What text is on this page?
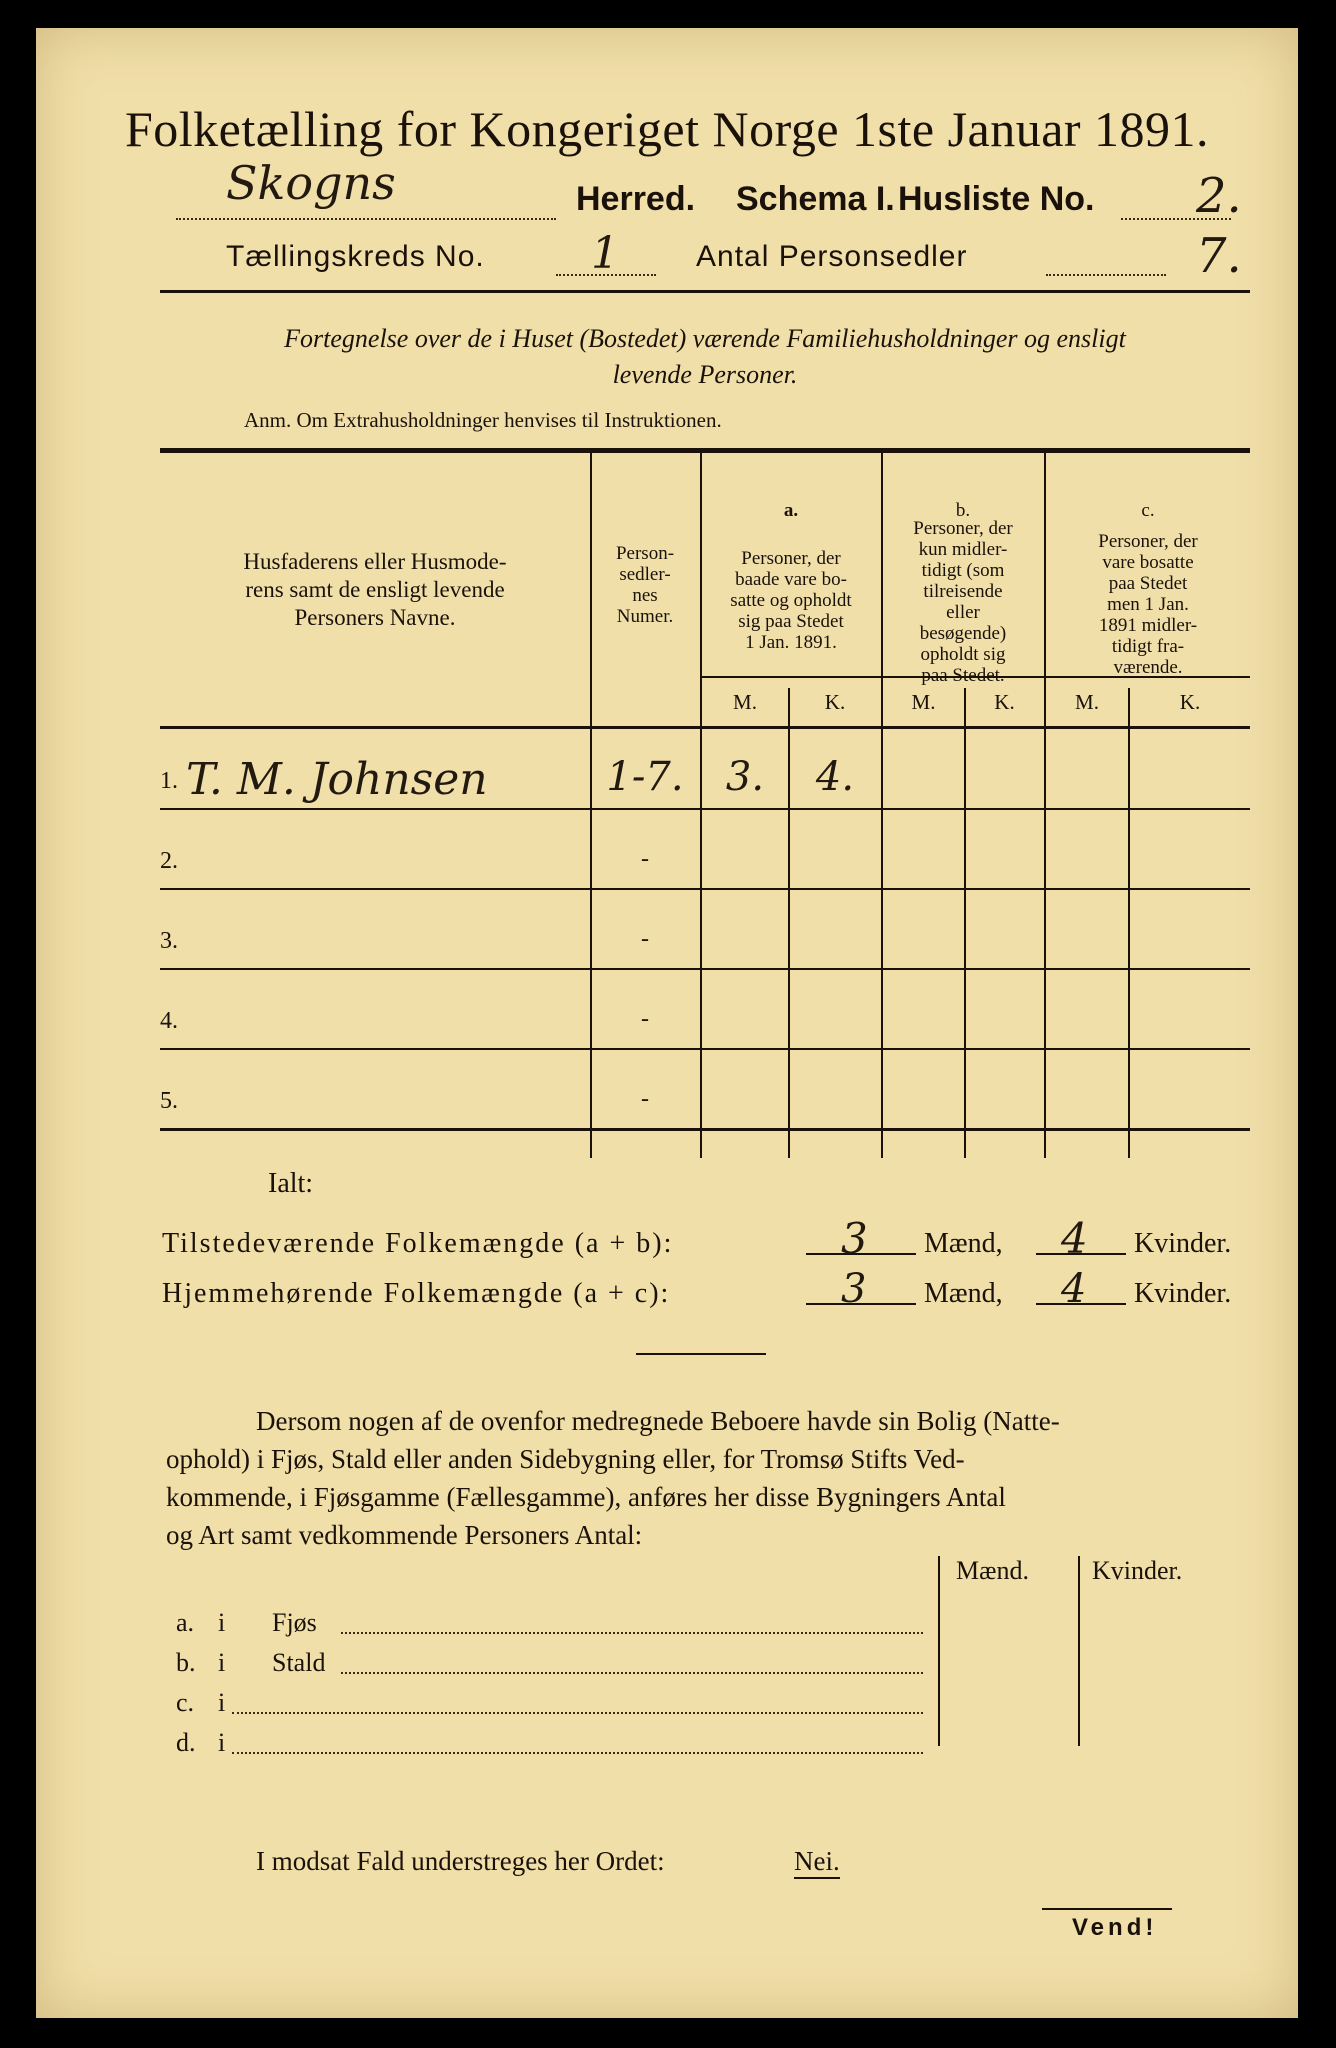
Folketælling for Kongeriget Norge 1ste Januar 1891.
Skogns	Herred. Schema I. Husliste No. 2.
Tællingskreds No. 1	Antal Personsedler	7.
Fortegnelse over de i Huset (Bostedet) værende Familiehusholdninger og ensligt
levende Personer.
Anm. Om Extrahusholdninger henvises til Instruktionen.
Husfaderens eller Husmode-
rens samt de ensligt levende
Personers Navne.
Person-
sedler-
nes
Numer.
a.
Personer, der
baade vare bo-
satte og opholdt
sig paa Stedet
1 Jan. 1891.
b.
Personer, der
kun midler-
tidigt (som
tilreisende
eller
besøgende)
opholdt sig
paa Stedet.
c.
Personer, der
vare bosatte
paa Stedet
men 1 Jan.
1891 midler-
tidigt fra-
værende.
M.	K.	M.	K.	M.	K.
1. T. M. Johnsen	1-7.	3.	4.
2.	-
3.	-
4.	-
5.	-
Ialt:
Tilstedeværende Folkemængde (a + b):	3 Mænd, 4 Kvinder.
Hjemmehørende Folkemængde (a + c):	3 Mænd, 4 Kvinder.
Dersom nogen af de ovenfor medregnede Beboere havde sin Bolig (Natte-
ophold) i Fjøs, Stald eller anden Sidebygning eller, for Tromsø Stifts Ved-
kommende, i Fjøsgamme (Fællesgamme), anføres her disse Bygningers Antal
og Art samt vedkommende Personers Antal:
Mænd. Kvinder.
a. i Fjøs
b. i Stald
c. i
d. i
I modsat Fald understreges her Ordet:	Nei.
Vend!
